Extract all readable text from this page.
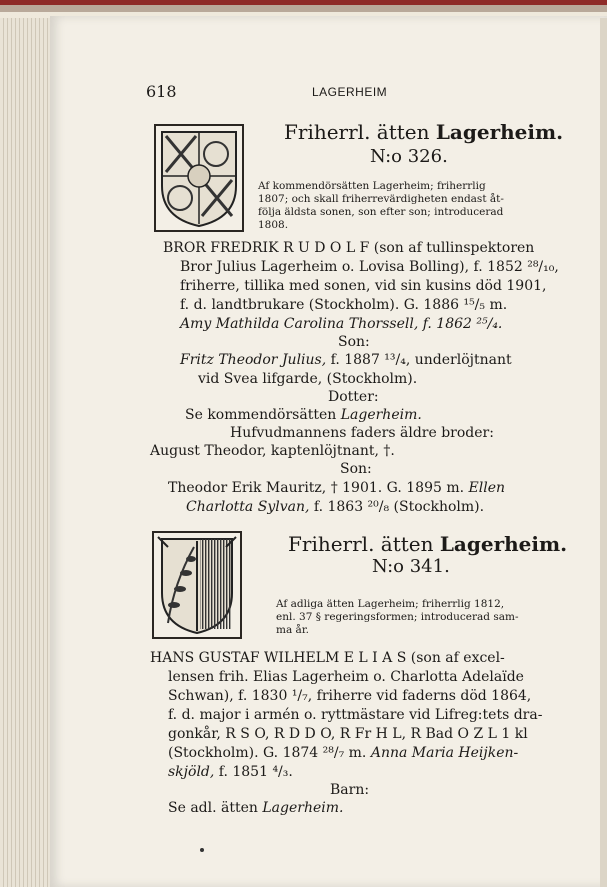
618	LAGERHEIM
Friherrl. ätten Lagerheim.
N:o 326.
Af kommendörsätten Lagerheim; friherrlig
1807; och skall friherrevärdigheten endast åt-
följa äldsta sonen, son efter son; introducerad
1808.
BROR FREDRIK R U D O L F (son af tullinspektoren
Bror Julius Lagerheim o. Lovisa Bolling), f. 1852 ²⁸/₁₀,
friherre, tillika med sonen, vid sin kusins död 1901,
f. d. landtbrukare (Stockholm). G. 1886 ¹⁵/₅ m.
Amy Mathilda Carolina Thorssell, f. 1862 ²⁵/₄.
Son:
Fritz Theodor Julius, f. 1887 ¹³/₄, underlöjtnant
vid Svea lifgarde, (Stockholm).
Dotter:
Se kommendörsätten Lagerheim.
Hufvudmannens faders äldre broder:
August Theodor, kaptenlöjtnant, †.
Son:
Theodor Erik Mauritz, † 1901. G. 1895 m. Ellen
Charlotta Sylvan, f. 1863 ²⁰/₈ (Stockholm).
Friherrl. ätten Lagerheim.
N:o 341.
Af adliga ätten Lagerheim; friherrlig 1812,
enl. 37 § regeringsformen; introducerad sam-
ma år.
HANS GUSTAF WILHELM E L I A S (son af excel-
lensen frih. Elias Lagerheim o. Charlotta Adelaïde
Schwan), f. 1830 ¹/₇, friherre vid faderns död 1864,
f. d. major i armén o. ryttmästare vid Lifreg:tets dra-
gonkår, R S O, R D D O, R Fr H L, R Bad O Z L 1 kl
(Stockholm). G. 1874 ²⁸/₇ m. Anna Maria Heijken-
skjöld, f. 1851 ⁴/₃.
Barn:
Se adl. ätten Lagerheim.
